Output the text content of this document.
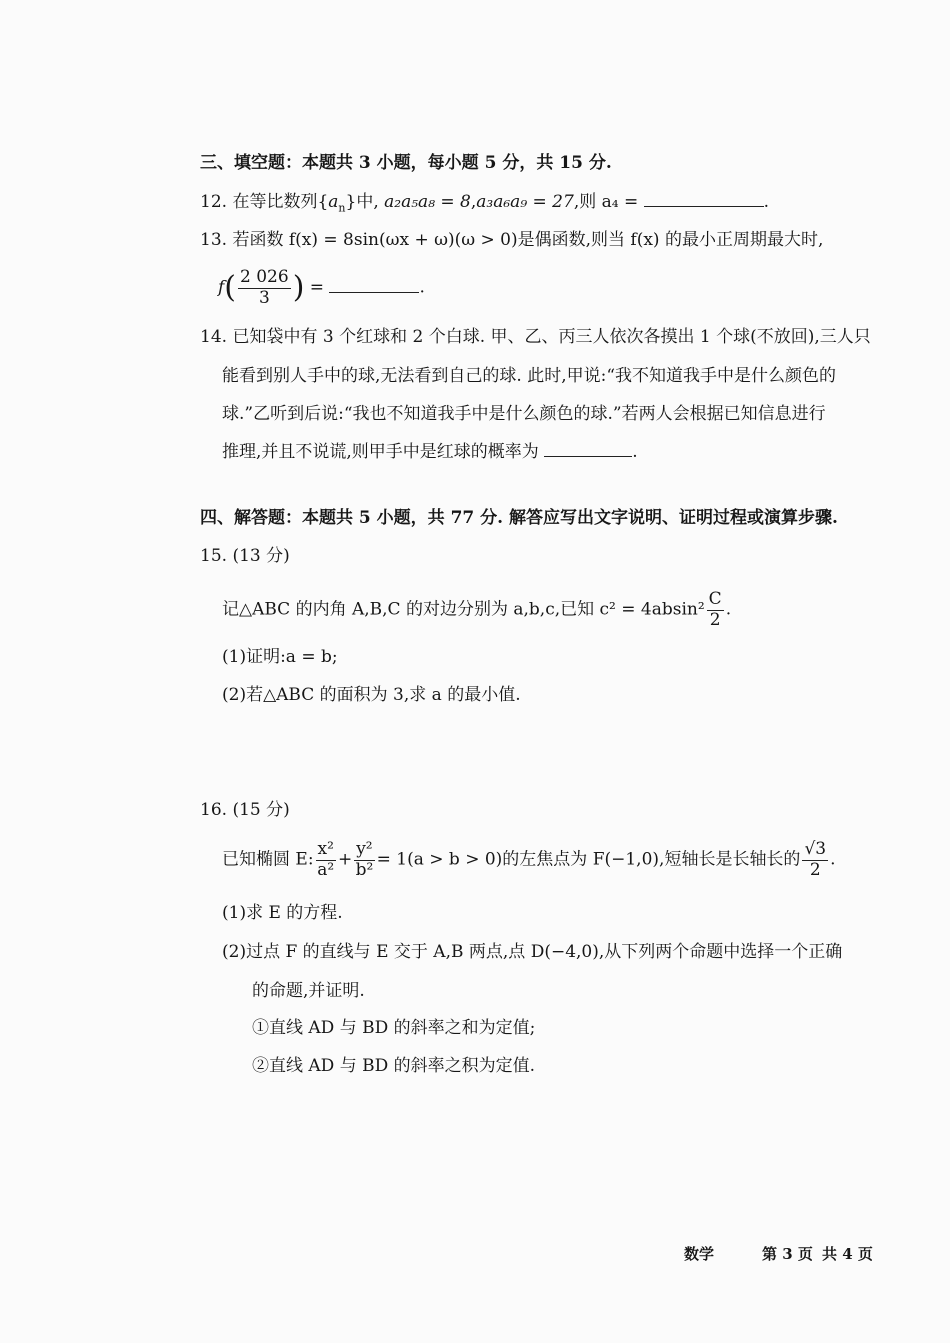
三、填空题：本题共 3 小题，每小题 5 分，共 15 分.
12. 在等比数列$\{a_n\}$中, a₂a₅a₈ = 8,a₃a₆a₉ = 27,则 a₄ =	.
13. 若函数 f(x) = 8sin(ωx + ω)(ω > 0)是偶函数,则当 f(x) 的最小正周期最大时,
$f( \frac{2 026}{3}$ ) =	.
14. 已知袋中有 3 个红球和 2 个白球. 甲、乙、丙三人依次各摸出 1 个球(不放回),三人只
能看到别人手中的球,无法看到自己的球. 此时,甲说:“我不知道我手中是什么颜色的
球.”乙听到后说:“我也不知道我手中是什么颜色的球.”若两人会根据已知信息进行
推理,并且不说谎,则甲手中是红球的概率为	.
四、解答题：本题共 5 小题，共 77 分. 解答应写出文字说明、证明过程或演算步骤.
15. (13 分)
记△ABC 的内角 A,B,C 的对边分别为 a,b,c,已知 $c^2 = 4absin^2 \frac{C}{2}$ .
(1)证明:a = b;
(2)若△ABC 的面积为 3,求 a 的最小值.
16. (15 分)
已知椭圆 E: $\frac{\text{x²}}{\text{a²}} + \frac{\text{y²}}{\text{b²}} = 1(a > b > 0)$的左焦点为 F(−1,0),短轴长是长轴长的 $\frac{√3}{2}$ .
(1)求 E 的方程.
(2)过点 F 的直线与 E 交于 A,B 两点,点 D(−4,0),从下列两个命题中选择一个正确
的命题,并证明.
①直线 AD 与 BD 的斜率之和为定值;
②直线 AD 与 BD 的斜率之积为定值.
数学	第 3 页 共 4 页
